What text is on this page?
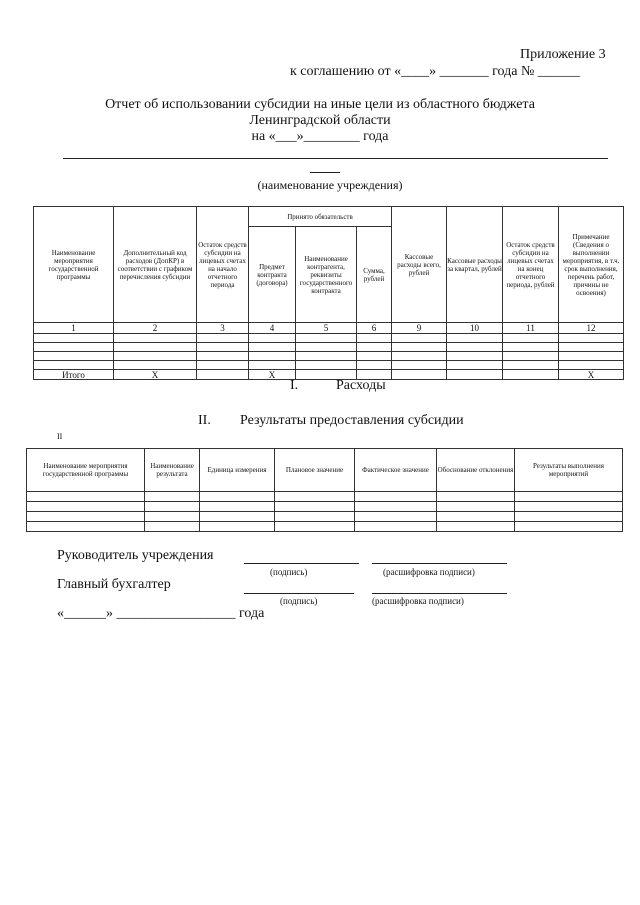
Приложение 3
к соглашению от «____» _______ года № ______
Отчет об использовании субсидии на иные цели из областного бюджета
Ленинградской области
на «___»________ года
(наименование учреждения)
Наименование мероприятия государственной программы	Дополнительный код расходов (ДопКР) в соответствии с графиком перечисления субсидии	Остаток средств субсидии на лицевых счетах на начало отчетного периода	Принято обязательств			Кассовые расходы всего, рублей	Кассовые расходы за квартал, рублей	Остаток средств субсидии на лицевых счетах на конец отчетного периода, рублей	Примечание (Сведения о выполнении мероприятия, в т.ч. срок выполнения, перечень работ, причины не освоения)
			Предмет контракта (договора)	Наименование контрагента, реквизиты государственного контракта	Сумма, рублей				
1	2	3	4	5	6	9	10	11	12

Итого	X		X						X
I.	Расходы
II. Результаты предоставления субсидии
II
Наименование мероприятия государственной программы	Наименование результата	Единица измерения	Плановое значение	Фактическое значение	Обоснование отклонения	Результаты выполнения мероприятий

Руководитель учреждения
(подпись)	(расшифровка подписи)
Главный бухгалтер
(подпись)	(расшифровка подписи)
«______» _________________ года
